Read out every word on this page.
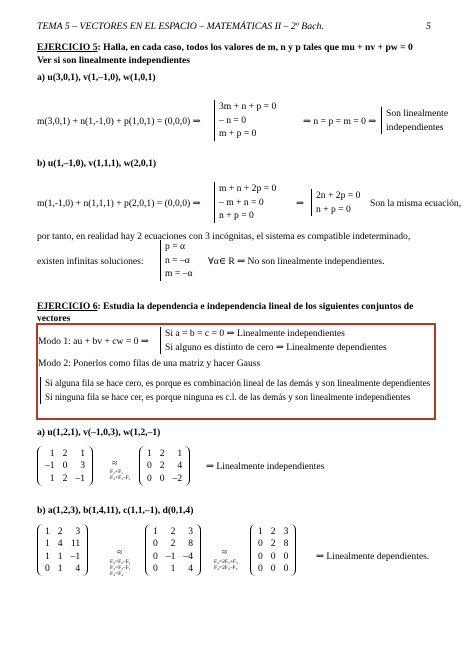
TEMA 5 – VECTORES EN EL ESPACIO – MATEMÁTICAS II – 2º Bach.	5
EJERCICIO 5: Halla, en cada caso, todos los valores de m, n y p tales que mu + nv + pw = 0
Ver si son linealmente independientes
a) u(3,0,1), v(1,–1,0), w(1,0,1)
m(3,0,1) + n(1,-1,0) + p(1,0,1) = (0,0,0) ⇒
3m + n + p = 0
– n = 0
m + p = 0
⇒ n = p = m = 0 ⇒
Son linealmente
independientes
b) u(1,–1,0), v(1,1,1), w(2,0,1)
m(1,-1,0) + n(1,1,1) + p(2,0,1) = (0,0,0) ⇒
m + n + 2p = 0
– m + n = 0
n + p = 0
⇒
2n + 2p = 0
n + p = 0	Son la misma ecuación,
por tanto, en realidad hay 2 ecuaciones con 3 incógnitas, el sistema es compatible indeterminado,
existen infinitas soluciones:
p = α
n = –α
m = –α
∀α∈ R ⇒ No son linealmente independientes.
EJERCICIO 6: Estudia la dependencia e independencia lineal de los siguientes conjuntos de
vectores
Modo 1: au + bv + cw = 0 ⇒
Si a = b = c = 0 ⇒ Linealmente independientes
Si alguno es distinto de cero ⇒ Linealmente dependientes
Modo 2: Ponerlos como filas de una matriz y hacer Gauss
Si alguna fila se hace cero, es porque es combinación lineal de las demás y son linealmente dependientes
Si ninguna fila se hace cer, es porque ninguna es c.l. de las demás y son linealmente independientes
a) u(1,2,1), v(–1,0,3), w(1,2,–1)
1	2	1
–1	0	3
1	2	–1
≈
F₂+F₁
F₃+F₃–F₁
1	2	1
0	2	4
0	0	–2
⇒ Linealmente independientes
b) a(1,2,3), b(1,4,11), c(1,1,–1), d(0,1,4)
1	2	3
1	4	11
1	1	–1
0	1	4
≈
F₂=F₂–F₁
F₃=F₃–F₁
F₄=F₄
1	2	3
0	2	8
0	–1	–4
0	1	4
≈
F₃=2F₃+F₂
F₄=2F₄–F₂
1	2	3
0	2	8
0	0	0
0	0	0
⇒ Linealmente dependientes.
